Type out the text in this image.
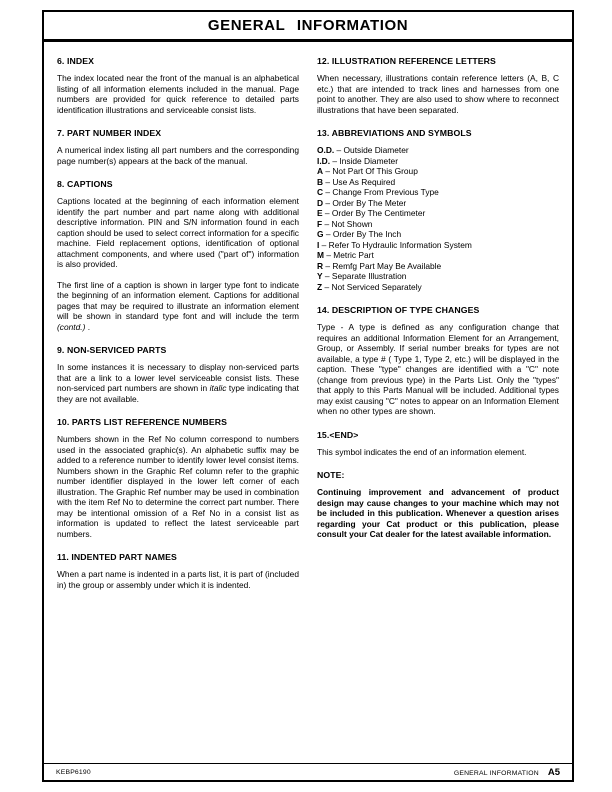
GENERAL INFORMATION
6. INDEX

The index located near the front of the manual is an alphabetical listing of all information elements included in the manual. Page numbers are provided for quick reference to detailed parts identification illustrations and serviceable consist lists.

7. PART NUMBER INDEX

A numerical index listing all part numbers and the corresponding page number(s) appears at the back of the manual.

8. CAPTIONS

Captions located at the beginning of each information element identify the part number and part name along with additional descriptive information. PIN and S/N information found in each caption should be used to select correct information for a specific machine. Field replacement options, identification of optional attachment components, and where used ("part of") information is also provided.

The first line of a caption is shown in larger type font to indicate the beginning of an information element. Captions for additional pages that may be required to illustrate an information element will be shown in standard type font and will include the term (contd.) .

9. NON-SERVICED PARTS

In some instances it is necessary to display non-serviced parts that are a link to a lower level serviceable consist lists. These non-serviced part numbers are shown in italic type indicating that they are not available.

10. PARTS LIST REFERENCE NUMBERS

Numbers shown in the Ref No column correspond to numbers used in the associated graphic(s). An alphabetic suffix may be added to a reference number to identify lower level consist items. Numbers shown in the Graphic Ref column refer to the graphic number identifier displayed in the lower left corner of each illustration. The Graphic Ref number may be used in combination with the item Ref No to determine the correct part number. There may be intentional omission of a Ref No in a consist list as information is updated to reflect the latest serviceable part numbers.

11. INDENTED PART NAMES

When a part name is indented in a parts list, it is part of (included in) the group or assembly under which it is indented.

12. ILLUSTRATION REFERENCE LETTERS

When necessary, illustrations contain reference letters (A, B, C etc.) that are intended to track lines and harnesses from one point to another. They are also used to show where to reconnect illustrations that have been separated.

13. ABBREVIATIONS AND SYMBOLS
O.D. – Outside Diameter
I.D. – Inside Diameter
A – Not Part Of This Group
B – Use As Required
C – Change From Previous Type
D – Order By The Meter
E – Order By The Centimeter
F – Not Shown
G – Order By The Inch
I – Refer To Hydraulic Information System
M – Metric Part
R – Remfg Part May Be Available
Y – Separate Illustration
Z – Not Serviced Separately
14. DESCRIPTION OF TYPE CHANGES

Type - A type is defined as any configuration change that requires an additional Information Element for an Arrangement, Group, or Assembly. If serial number breaks for types are not available, a type # ( Type 1, Type 2, etc.) will be displayed in the caption. These "type" changes are identified with a "C" note (change from previous type) in the Parts List. Only the "types" that apply to this Parts Manual will be included. Additional types may exist causing "C" notes to appear on an Information Element when no other types are shown.

15.<END>

This symbol indicates the end of an information element.

NOTE:

Continuing improvement and advancement of product design may cause changes to your machine which may not be included in this publication. Whenever a question arises regarding your Cat product or this publication, please consult your Cat dealer for the latest available information.

KEBP6190	GENERAL INFORMATION A5
